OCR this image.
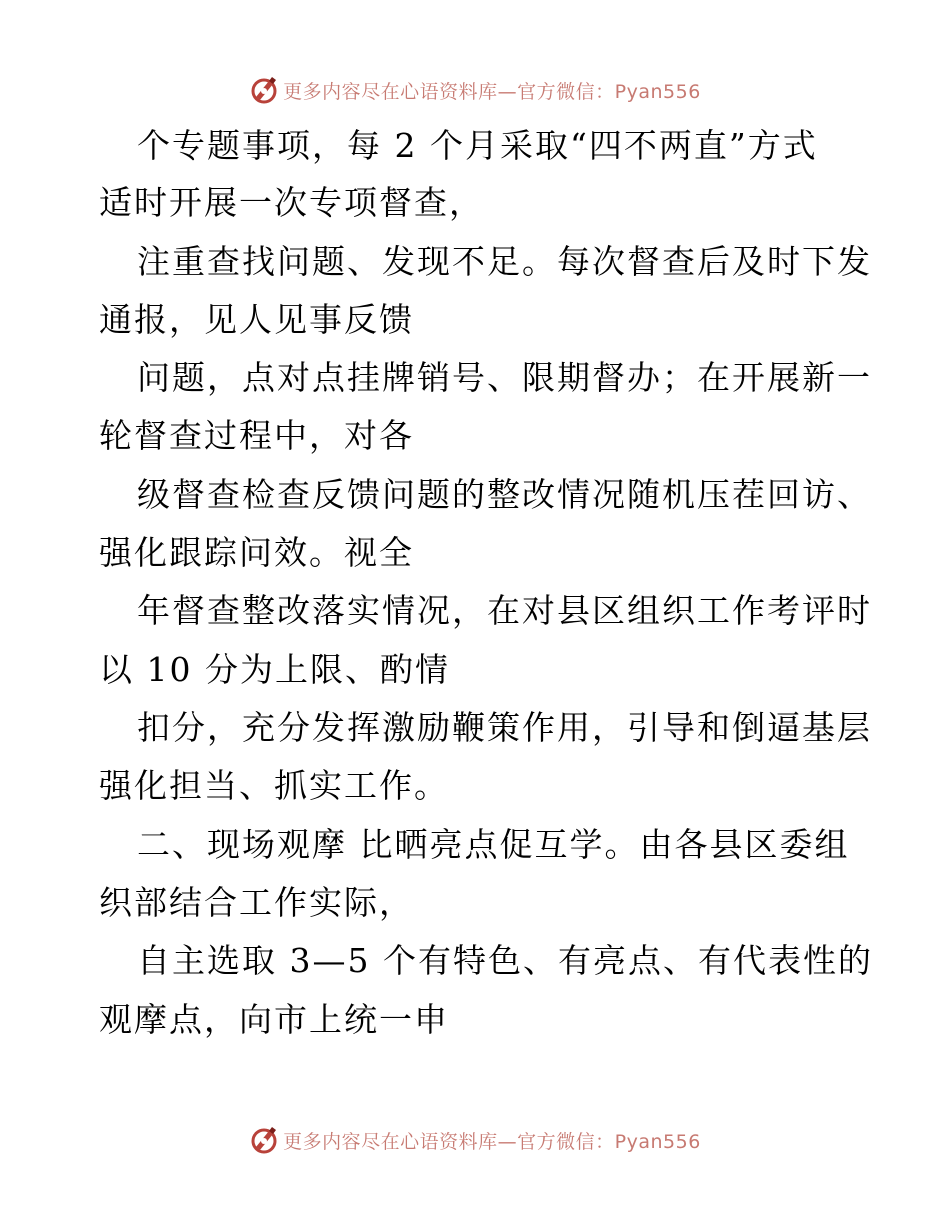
更多内容尽在心语资料库—官方微信：Pyan556
个专题事项，每 2 个月采取“四不两直”方式
适时开展一次专项督查，
注重查找问题、发现不足。每次督查后及时下发
通报，见人见事反馈
问题，点对点挂牌销号、限期督办；在开展新一
轮督查过程中，对各
级督查检查反馈问题的整改情况随机压茬回访、
强化跟踪问效。视全
年督查整改落实情况，在对县区组织工作考评时
以 10 分为上限、酌情
扣分，充分发挥激励鞭策作用，引导和倒逼基层
强化担当、抓实工作。
二、现场观摩 比晒亮点促互学。由各县区委组
织部结合工作实际，
自主选取 3—5 个有特色、有亮点、有代表性的
观摩点，向市上统一申
更多内容尽在心语资料库—官方微信：Pyan556
